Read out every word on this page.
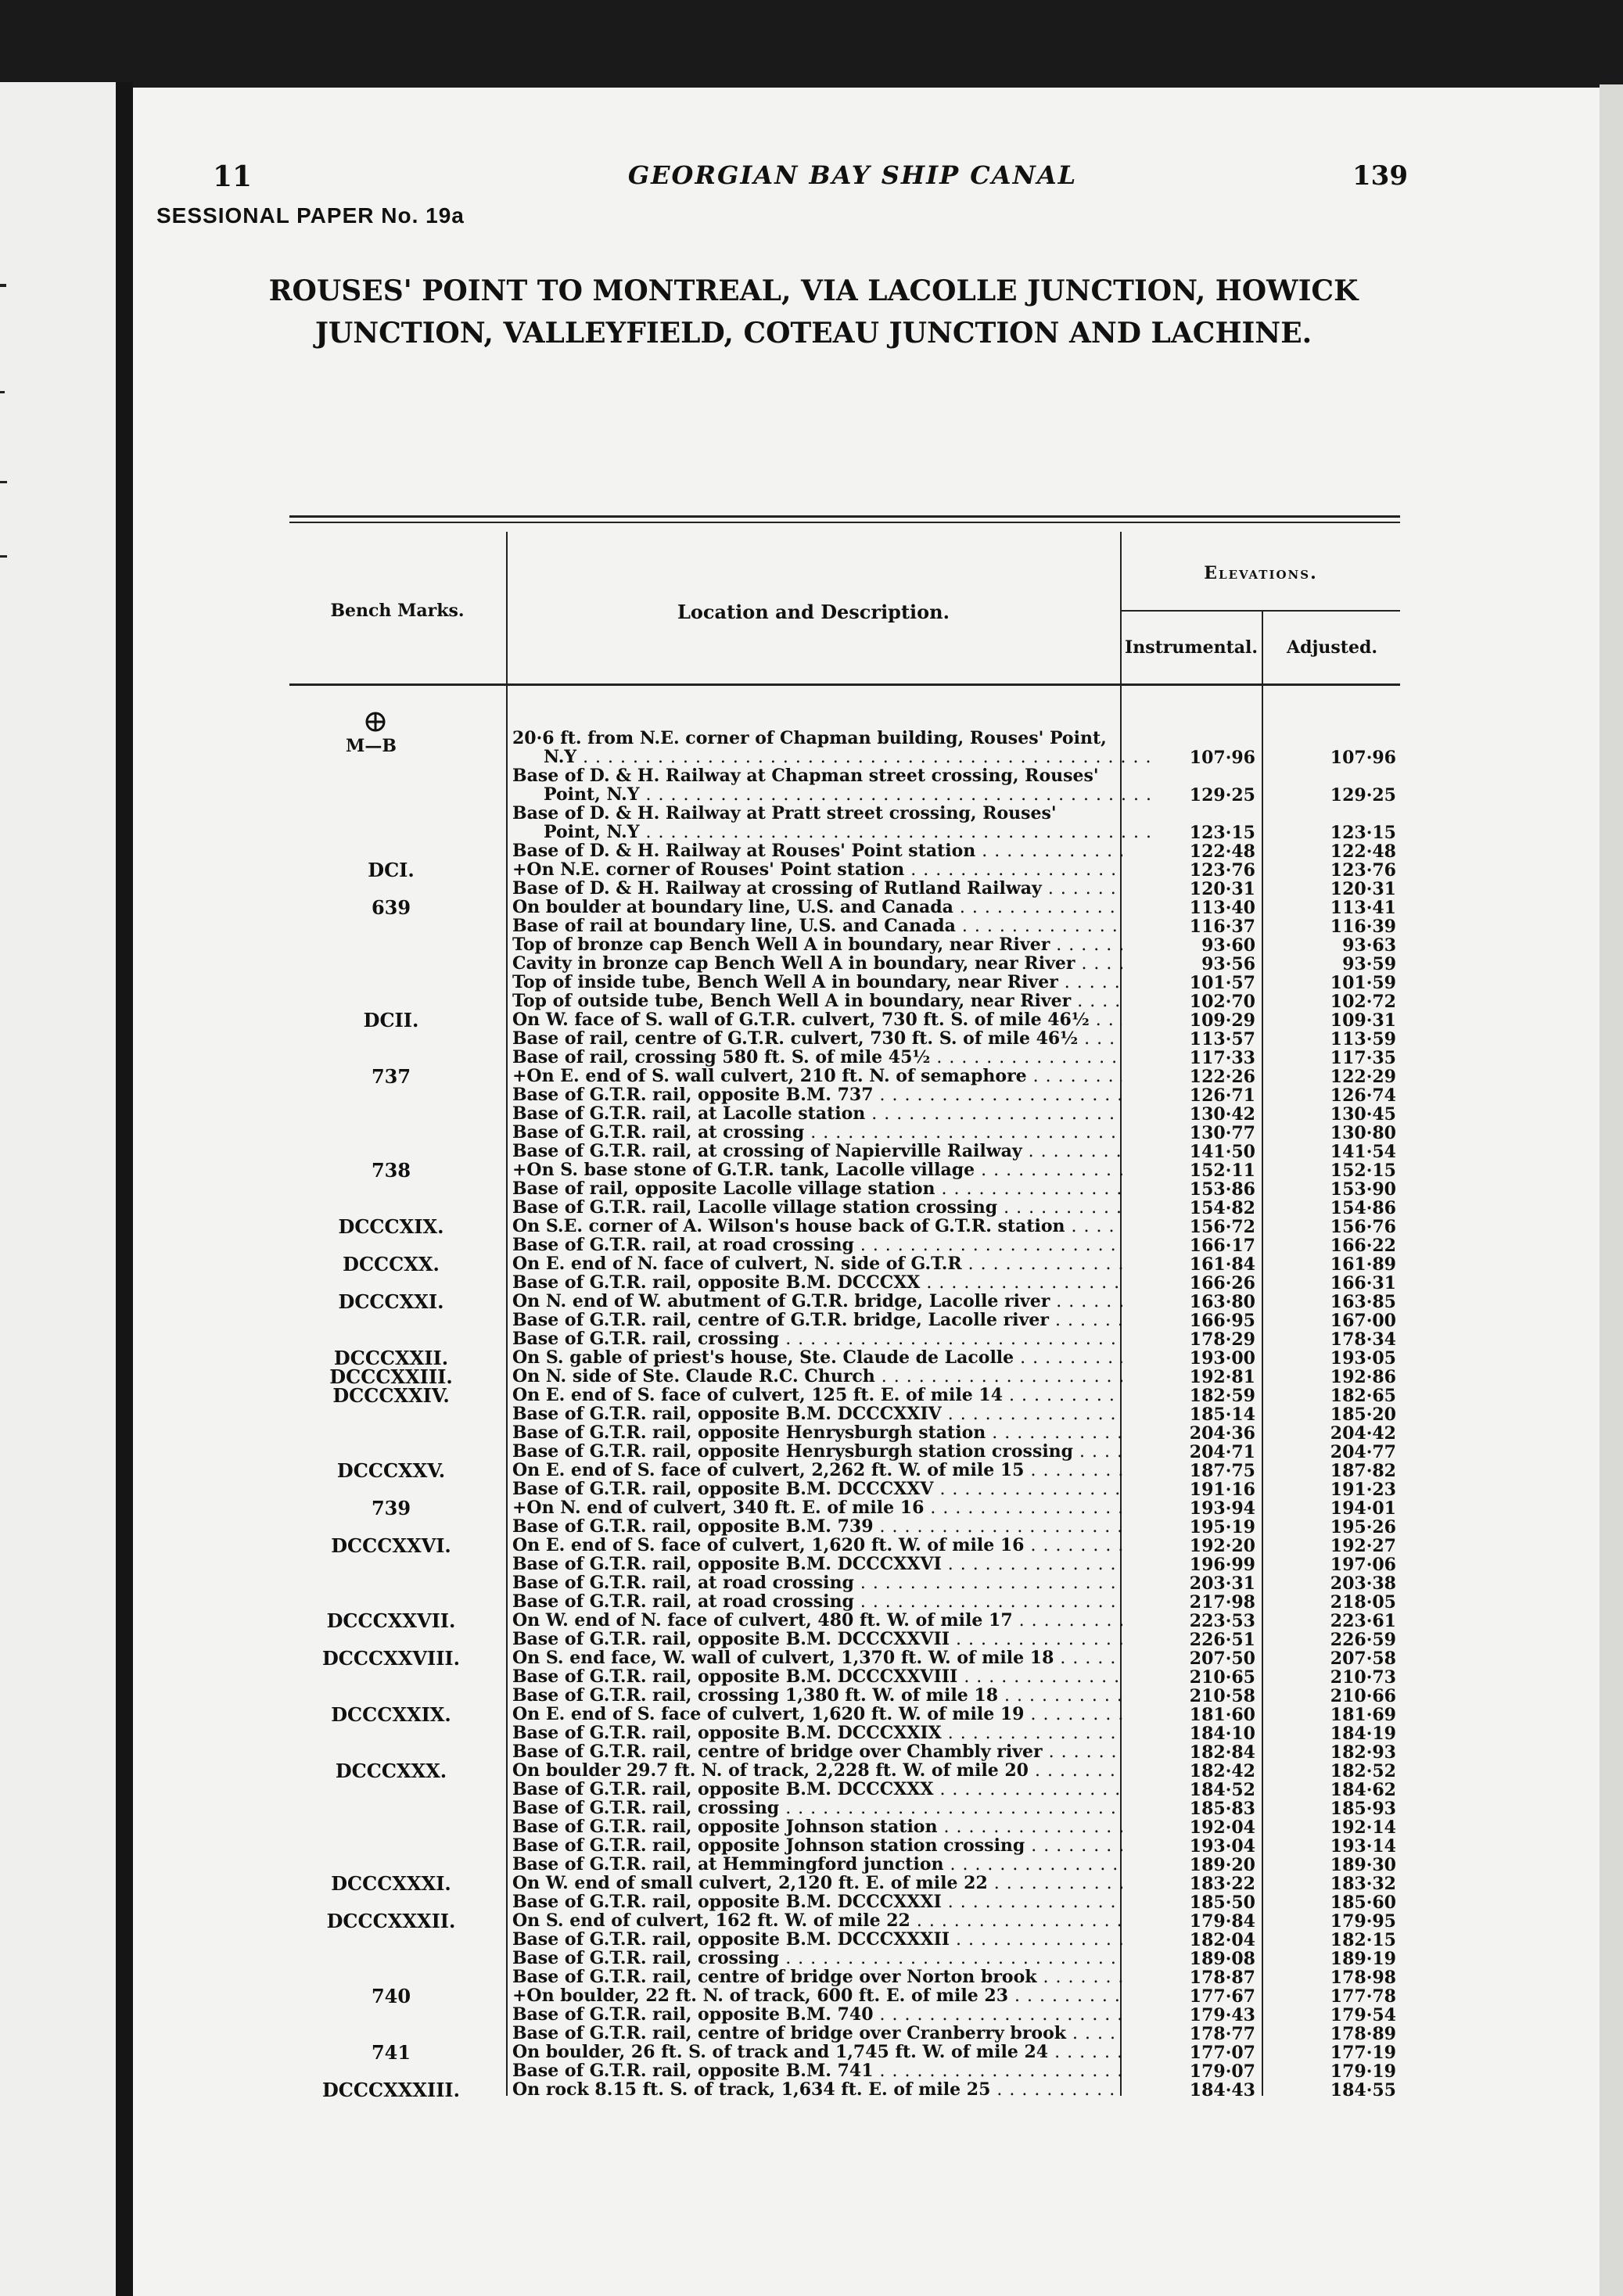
11	GEORGIAN BAY SHIP CANAL	139
SESSIONAL PAPER No. 19a
ROUSES' POINT TO MONTREAL, VIA LACOLLE JUNCTION, HOWICK
JUNCTION, VALLEYFIELD, COTEAU JUNCTION AND LACHINE.
Bench Marks.	Location and Description.
Elevations.
Instrumental.	Adjusted.
M—B	20·6 ft. from N.E. corner of Chapman building, Rouses' Point,
N.Y . . .	107·96	107·96
Base of D. & H. Railway at Chapman street crossing, Rouses'
Point, N.Y . . .	129·25	129·25
Base of D. & H. Railway at Pratt street crossing, Rouses'
Point, N.Y . . .	123·15	123·15
Base of D. & H. Railway at Rouses' Point station . . .	122·48	122·48
DCI.	+On N.E. corner of Rouses' Point station . . .	123·76	123·76
Base of D. & H. Railway at crossing of Rutland Railway . . .	120·31	120·31
639	On boulder at boundary line, U.S. and Canada . . .	113·40	113·41
Base of rail at boundary line, U.S. and Canada . . .	116·37	116·39
Top of bronze cap Bench Well A in boundary, near River . . .	93·60	93·63
Cavity in bronze cap Bench Well A in boundary, near River . . .	93·56	93·59
Top of inside tube, Bench Well A in boundary, near River . . .	101·57	101·59
Top of outside tube, Bench Well A in boundary, near River . . .	102·70	102·72
DCII.	On W. face of S. wall of G.T.R. culvert, 730 ft. S. of mile 46½ . . .	109·29	109·31
Base of rail, centre of G.T.R. culvert, 730 ft. S. of mile 46½ . . .	113·57	113·59
Base of rail, crossing 580 ft. S. of mile 45½ . . .	117·33	117·35
737	+On E. end of S. wall culvert, 210 ft. N. of semaphore . . .	122·26	122·29
Base of G.T.R. rail, opposite B.M. 737 . . .	126·71	126·74
Base of G.T.R. rail, at Lacolle station . . .	130·42	130·45
Base of G.T.R. rail, at crossing . . .	130·77	130·80
Base of G.T.R. rail, at crossing of Napierville Railway . . .	141·50	141·54
738	+On S. base stone of G.T.R. tank, Lacolle village . . .	152·11	152·15
Base of rail, opposite Lacolle village station . . .	153·86	153·90
Base of G.T.R. rail, Lacolle village station crossing . . .	154·82	154·86
DCCCXIX.	On S.E. corner of A. Wilson's house back of G.T.R. station . . .	156·72	156·76
Base of G.T.R. rail, at road crossing . . .	166·17	166·22
DCCCXX.	On E. end of N. face of culvert, N. side of G.T.R . . .	161·84	161·89
Base of G.T.R. rail, opposite B.M. DCCCXX . . .	166·26	166·31
DCCCXXI.	On N. end of W. abutment of G.T.R. bridge, Lacolle river . . .	163·80	163·85
Base of G.T.R. rail, centre of G.T.R. bridge, Lacolle river . . .	166·95	167·00
Base of G.T.R. rail, crossing . . .	178·29	178·34
DCCCXXII.	On S. gable of priest's house, Ste. Claude de Lacolle . . .	193·00	193·05
DCCCXXIII.	On N. side of Ste. Claude R.C. Church . . .	192·81	192·86
DCCCXXIV.	On E. end of S. face of culvert, 125 ft. E. of mile 14 . . .	182·59	182·65
Base of G.T.R. rail, opposite B.M. DCCCXXIV . . .	185·14	185·20
Base of G.T.R. rail, opposite Henrysburgh station . . .	204·36	204·42
Base of G.T.R. rail, opposite Henrysburgh station crossing . . .	204·71	204·77
DCCCXXV.	On E. end of S. face of culvert, 2,262 ft. W. of mile 15 . . .	187·75	187·82
Base of G.T.R. rail, opposite B.M. DCCCXXV . . .	191·16	191·23
739	+On N. end of culvert, 340 ft. E. of mile 16 . . .	193·94	194·01
Base of G.T.R. rail, opposite B.M. 739 . . .	195·19	195·26
DCCCXXVI.	On E. end of S. face of culvert, 1,620 ft. W. of mile 16 . . .	192·20	192·27
Base of G.T.R. rail, opposite B.M. DCCCXXVI . . .	196·99	197·06
Base of G.T.R. rail, at road crossing . . .	203·31	203·38
Base of G.T.R. rail, at road crossing . . .	217·98	218·05
DCCCXXVII.	On W. end of N. face of culvert, 480 ft. W. of mile 17 . . .	223·53	223·61
Base of G.T.R. rail, opposite B.M. DCCCXXVII . . .	226·51	226·59
DCCCXXVIII.	On S. end face, W. wall of culvert, 1,370 ft. W. of mile 18 . . .	207·50	207·58
Base of G.T.R. rail, opposite B.M. DCCCXXVIII . . .	210·65	210·73
Base of G.T.R. rail, crossing 1,380 ft. W. of mile 18 . . .	210·58	210·66
DCCCXXIX.	On E. end of S. face of culvert, 1,620 ft. W. of mile 19 . . .	181·60	181·69
Base of G.T.R. rail, opposite B.M. DCCCXXIX . . .	184·10	184·19
Base of G.T.R. rail, centre of bridge over Chambly river . . .	182·84	182·93
DCCCXXX.	On boulder 29.7 ft. N. of track, 2,228 ft. W. of mile 20 . . .	182·42	182·52
Base of G.T.R. rail, opposite B.M. DCCCXXX . . .	184·52	184·62
Base of G.T.R. rail, crossing . . .	185·83	185·93
Base of G.T.R. rail, opposite Johnson station . . .	192·04	192·14
Base of G.T.R. rail, opposite Johnson station crossing . . .	193·04	193·14
Base of G.T.R. rail, at Hemmingford junction . . .	189·20	189·30
DCCCXXXI.	On W. end of small culvert, 2,120 ft. E. of mile 22 . . .	183·22	183·32
Base of G.T.R. rail, opposite B.M. DCCCXXXI . . .	185·50	185·60
DCCCXXXII.	On S. end of culvert, 162 ft. W. of mile 22 . . .	179·84	179·95
Base of G.T.R. rail, opposite B.M. DCCCXXXII . . .	182·04	182·15
Base of G.T.R. rail, crossing . . .	189·08	189·19
Base of G.T.R. rail, centre of bridge over Norton brook . . .	178·87	178·98
740	+On boulder, 22 ft. N. of track, 600 ft. E. of mile 23 . . .	177·67	177·78
Base of G.T.R. rail, opposite B.M. 740 . . .	179·43	179·54
Base of G.T.R. rail, centre of bridge over Cranberry brook . . .	178·77	178·89
741	On boulder, 26 ft. S. of track and 1,745 ft. W. of mile 24 . . .	177·07	177·19
Base of G.T.R. rail, opposite B.M. 741 . . .	179·07	179·19
DCCCXXXIII.	On rock 8.15 ft. S. of track, 1,634 ft. E. of mile 25 . . .	184·43	184·55
